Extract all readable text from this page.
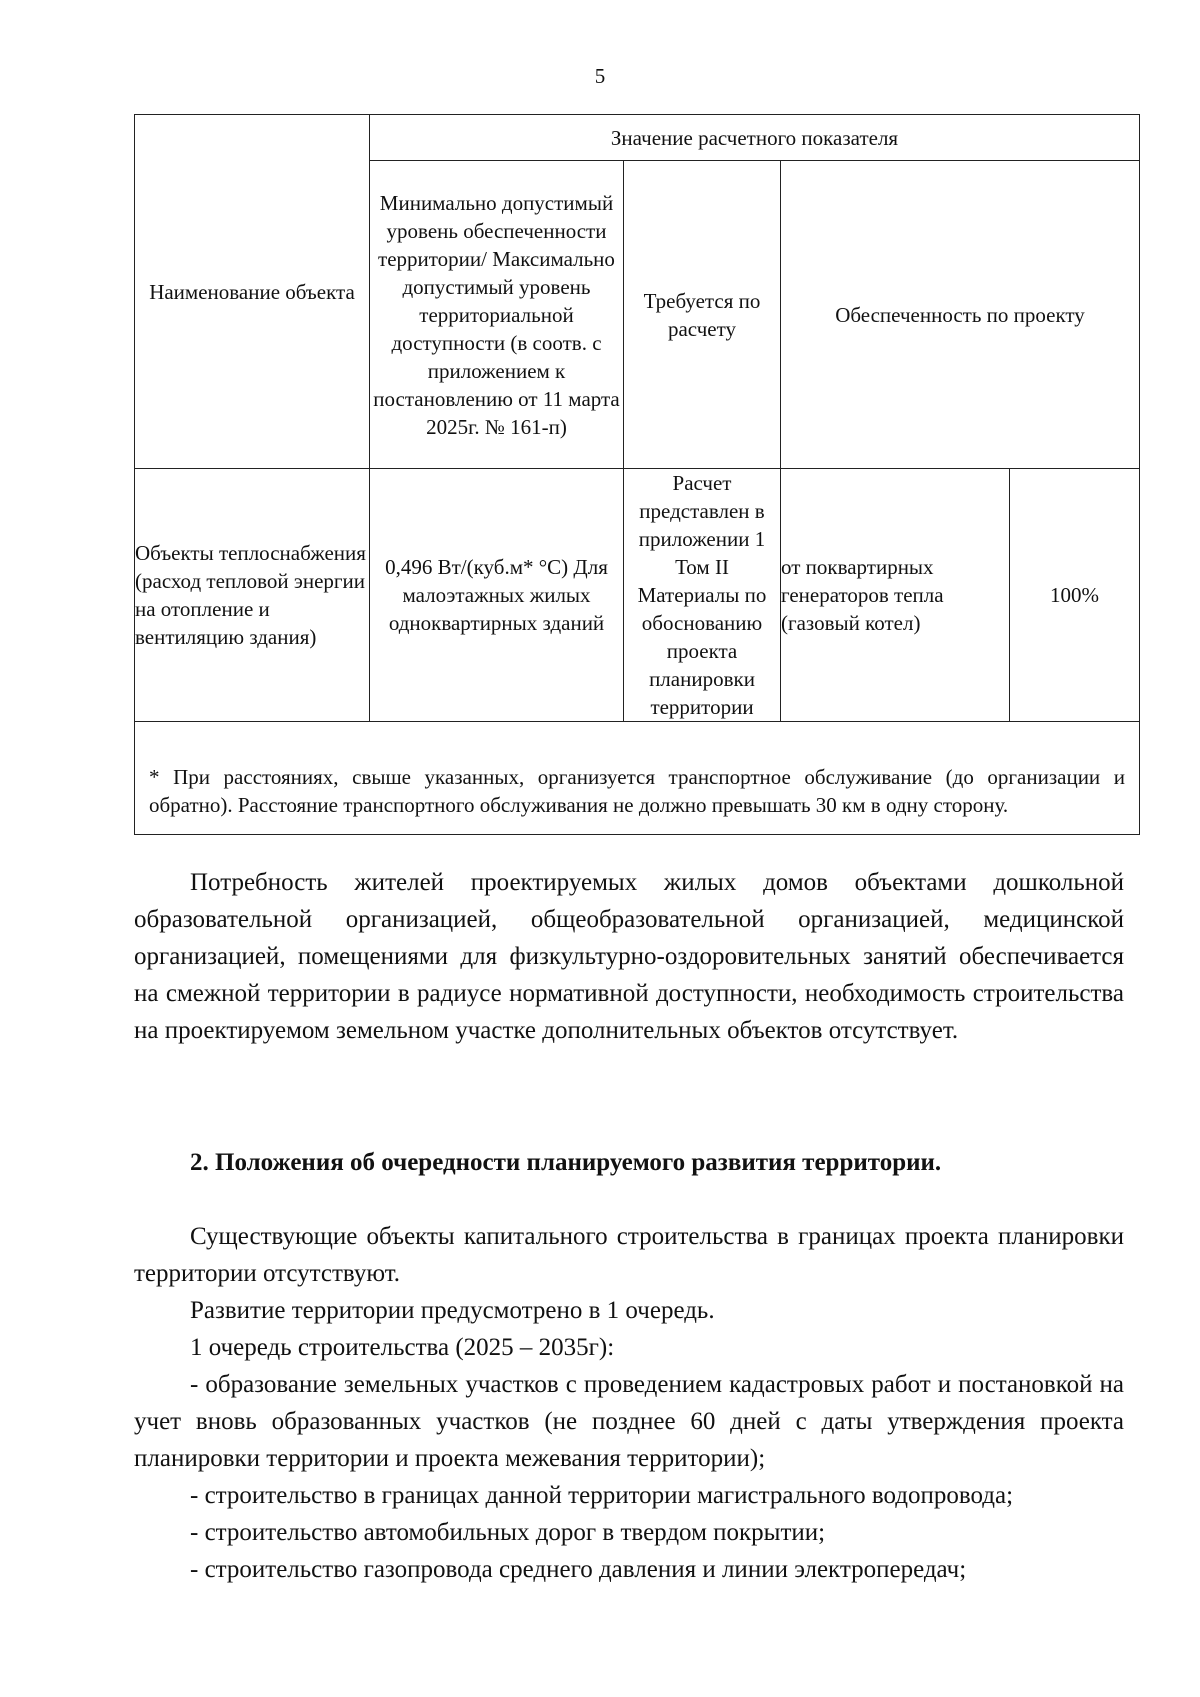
5
Наименование объекта	Значение расчетного показателя			
	Минимально допустимый уровень обеспеченности территории/ Максимально допустимый уровень территориальной доступности (в соотв. с приложением к постановлению от 11 марта 2025г. № 161-п)	Требуется по расчету	Обеспеченность по проекту	
Объекты теплоснабжения (расход тепловой энергии на отопление и вентиляцию здания)	0,496 Вт/(куб.м* °С) Для малоэтажных жилых одноквартирных зданий	Расчет представлен в приложении 1 Том II Материалы по обоснованию проекта планировки территории	от поквартирных генераторов тепла (газовый котел)	100%

* При расстояниях, свыше указанных, организуется транспортное обслуживание (до организации и обратно). Расстояние транспортного обслуживания не должно превышать 30 км в одну сторону.				

Потребность жителей проектируемых жилых домов объектами дошкольной образовательной организацией, общеобразовательной организацией, медицинской организацией, помещениями для физкультурно-оздоровительных занятий обеспечивается на смежной территории в радиусе нормативной доступности, необходимость строительства на проектируемом земельном участке дополнительных объектов отсутствует.

2. Положения об очередности планируемого развития территории.

Существующие объекты капитального строительства в границах проекта планировки территории отсутствуют.

Развитие территории предусмотрено в 1 очередь.

1 очередь строительства (2025 – 2035г):

- образование земельных участков с проведением кадастровых работ и постановкой на учет вновь образованных участков (не позднее 60 дней с даты утверждения проекта планировки территории и проекта межевания территории);

- строительство в границах данной территории магистрального водопровода;

- строительство автомобильных дорог в твердом покрытии;

- строительство газопровода среднего давления и линии электропередач;
